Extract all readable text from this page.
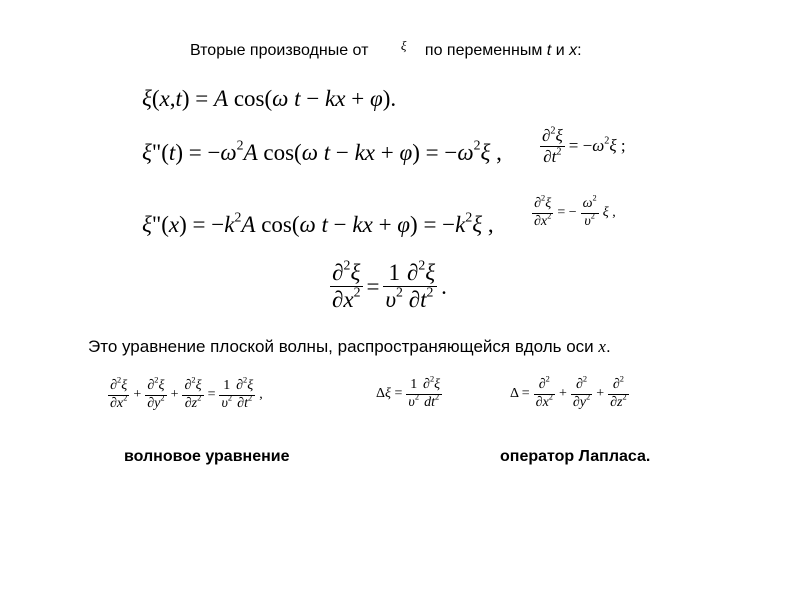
Вторые производные от $^\xi$ по переменным t и x:
ξ(x,t) = A cos(ω t − kx + φ).
ξ"(t) = $-\omega^2A$ cos(ω t − kx + $\varphi) = -\omega^2\xi$ , $\frac{\partial^2\xi}{\partial t^2} = -\omega^2\xi$ ;
ξ"(x) = $-k^2A$ cos(ω t − kx + $\varphi) = -k^2\xi$ ,	$\frac{\partial^2\xi}{\partial x^2}$ = − $\frac{\omega^2}{\upsilon^2}$ ξ ,
$\frac{\partial^2\xi}{\partial x^2} = \frac{1}{\upsilon^2} \frac{\partial^2\xi}{\partial t^2}$ .
Это уравнение плоской волны, распространяющейся вдоль оси x.
$\frac{\partial^2\xi}{\partial x^2} + \frac{\partial^2\xi}{\partial y^2} + \frac{\partial^2\xi}{\partial z^2} = \frac{1}{\upsilon^2} \frac{\partial^2\xi}{\partial t^2}$ ,	$\Delta\xi = \frac{1}{\upsilon^2} \frac{\partial^2\xi}{dt^2}$	$\Delta = \frac{\partial^2}{\partial x^2} + \frac{\partial^2}{\partial y^2} + \frac{\partial^2}{\partial z^2}$
волновое уравнение	оператор Лапласа.
